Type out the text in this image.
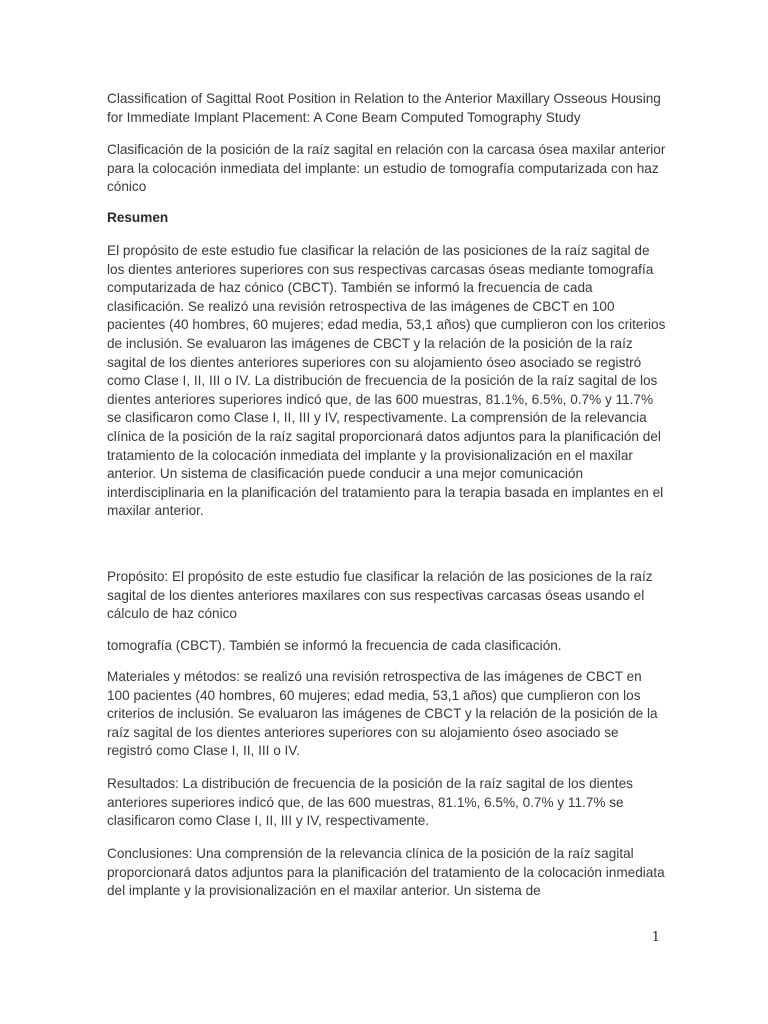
Classification of Sagittal Root Position in Relation to the Anterior Maxillary Osseous Housing for Immediate Implant Placement: A Cone Beam Computed Tomography Study

Clasificación de la posición de la raíz sagital en relación con la carcasa ósea maxilar anterior para la colocación inmediata del implante: un estudio de tomografía computarizada con haz cónico

Resumen

El propósito de este estudio fue clasificar la relación de las posiciones de la raíz sagital de los dientes anteriores superiores con sus respectivas carcasas óseas mediante tomografía computarizada de haz cónico (CBCT). También se informó la frecuencia de cada clasificación. Se realizó una revisión retrospectiva de las imágenes de CBCT en 100 pacientes (40 hombres, 60 mujeres; edad media, 53,1 años) que cumplieron con los criterios de inclusión. Se evaluaron las imágenes de CBCT y la relación de la posición de la raíz sagital de los dientes anteriores superiores con su alojamiento óseo asociado se registró como Clase I, II, III o IV. La distribución de frecuencia de la posición de la raíz sagital de los dientes anteriores superiores indicó que, de las 600 muestras, 81.1%, 6.5%, 0.7% y 11.7% se clasificaron como Clase I, II, III y IV, respectivamente. La comprensión de la relevancia clínica de la posición de la raíz sagital proporcionará datos adjuntos para la planificación del tratamiento de la colocación inmediata del implante y la provisionalización en el maxilar anterior. Un sistema de clasificación puede conducir a una mejor comunicación interdisciplinaria en la planificación del tratamiento para la terapia basada en implantes en el maxilar anterior.

Propósito: El propósito de este estudio fue clasificar la relación de las posiciones de la raíz sagital de los dientes anteriores maxilares con sus respectivas carcasas óseas usando el cálculo de haz cónico

tomografía (CBCT). También se informó la frecuencia de cada clasificación.

Materiales y métodos: se realizó una revisión retrospectiva de las imágenes de CBCT en 100 pacientes (40 hombres, 60 mujeres; edad media, 53,1 años) que cumplieron con los criterios de inclusión. Se evaluaron las imágenes de CBCT y la relación de la posición de la raíz sagital de los dientes anteriores superiores con su alojamiento óseo asociado se registró como Clase I, II, III o IV.

Resultados: La distribución de frecuencia de la posición de la raíz sagital de los dientes anteriores superiores indicó que, de las 600 muestras, 81.1%, 6.5%, 0.7% y 11.7% se clasificaron como Clase I, II, III y IV, respectivamente.

Conclusiones: Una comprensión de la relevancia clínica de la posición de la raíz sagital proporcionará datos adjuntos para la planificación del tratamiento de la colocación inmediata del implante y la provisionalización en el maxilar anterior. Un sistema de

1
